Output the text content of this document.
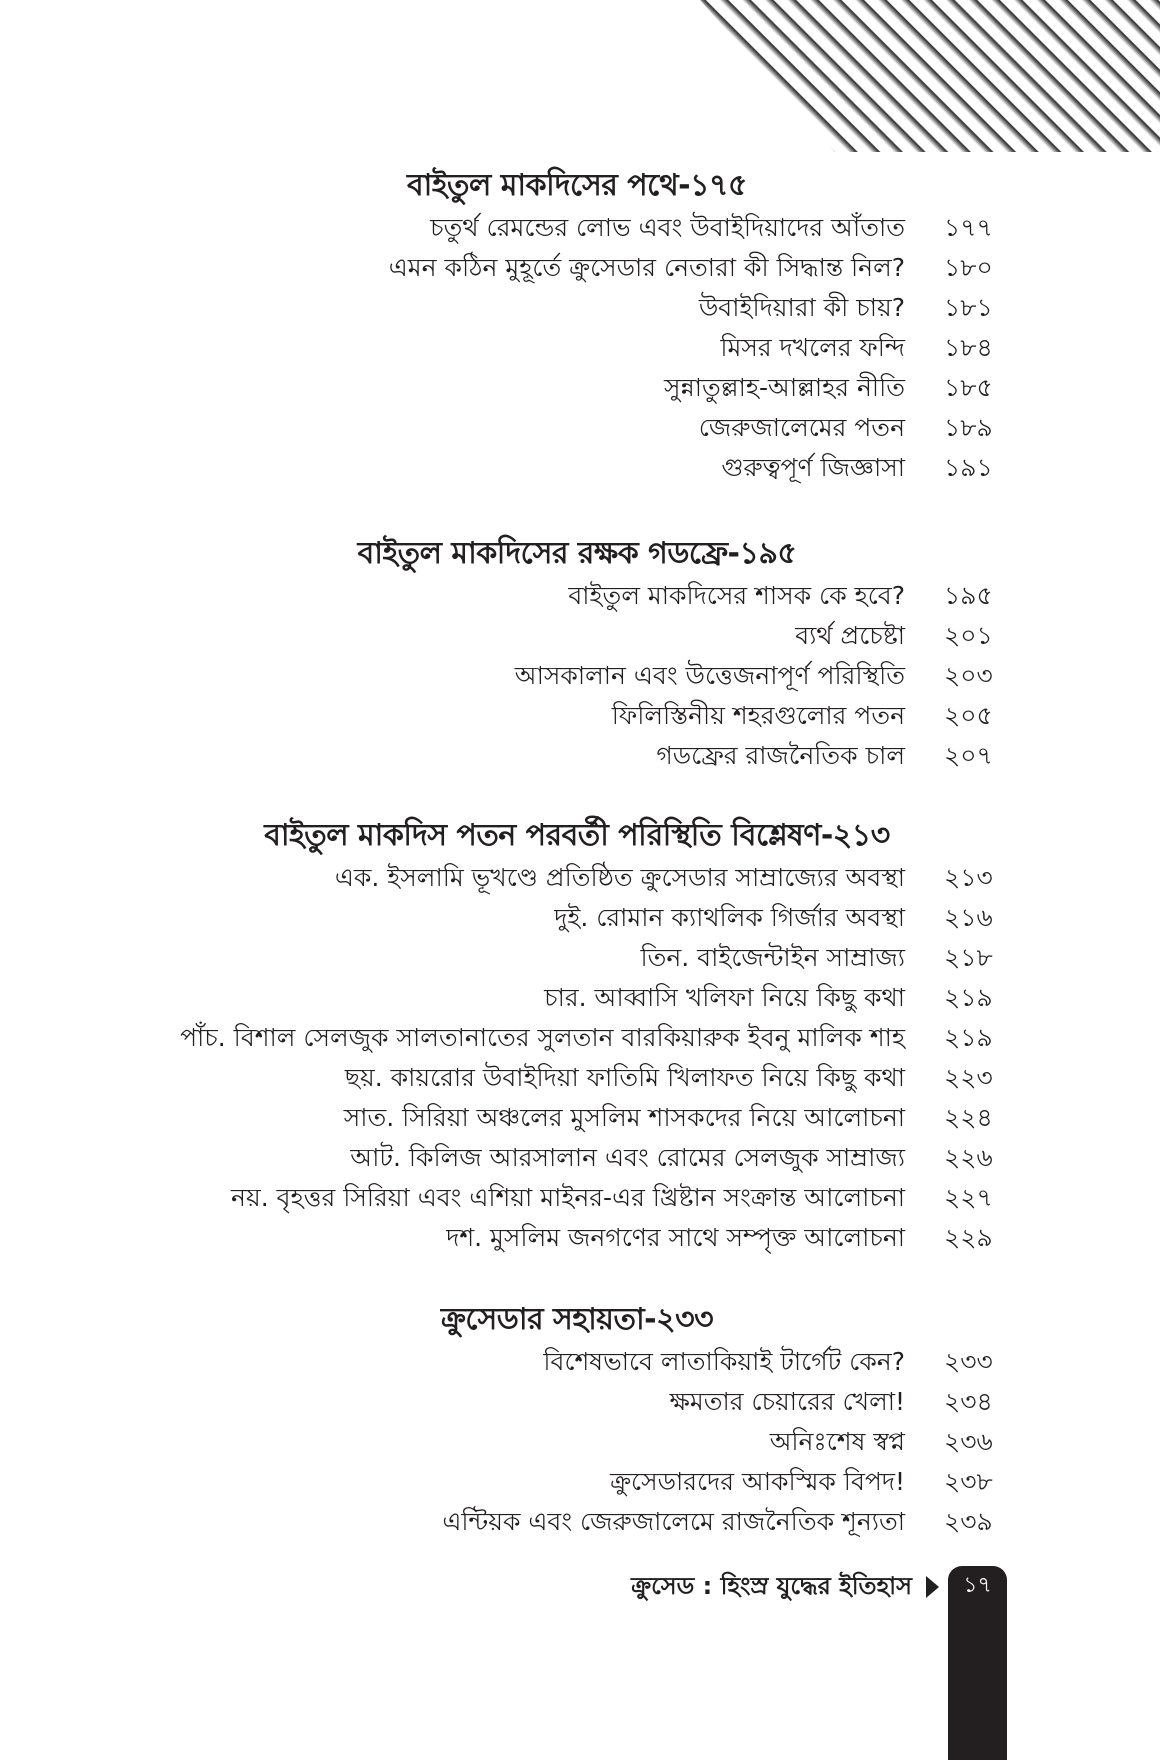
বাইতুল মাকদিসের পথে-১৭৫
চতুর্থ রেমন্ডের লোভ এবং উবাইদিয়াদের আঁতাত ১৭৭
এমন কঠিন মুহূর্তে ক্রুসেডার নেতারা কী সিদ্ধান্ত নিল? ১৮০
উবাইদিয়ারা কী চায়? ১৮১
মিসর দখলের ফন্দি ১৮৪
সুন্নাতুল্লাহ-আল্লাহর নীতি ১৮৫
জেরুজালেমের পতন ১৮৯
গুরুত্বপূর্ণ জিজ্ঞাসা ১৯১
বাইতুল মাকদিসের রক্ষক গডফ্রে-১৯৫
বাইতুল মাকদিসের শাসক কে হবে? ১৯৫
ব্যর্থ প্রচেষ্টা ২০১
আসকালান এবং উত্তেজনাপূর্ণ পরিস্থিতি ২০৩
ফিলিস্তিনীয় শহরগুলোর পতন ২০৫
গডফ্রের রাজনৈতিক চাল ২০৭
বাইতুল মাকদিস পতন পরবর্তী পরিস্থিতি বিশ্লেষণ-২১৩
এক. ইসলামি ভূখণ্ডে প্রতিষ্ঠিত ক্রুসেডার সাম্রাজ্যের অবস্থা ২১৩
দুই. রোমান ক্যাথলিক গির্জার অবস্থা ২১৬
তিন. বাইজেন্টাইন সাম্রাজ্য ২১৮
চার. আব্বাসি খলিফা নিয়ে কিছু কথা ২১৯
পাঁচ. বিশাল সেলজুক সালতানাতের সুলতান বারকিয়ারুক ইবনু মালিক শাহ ২১৯
ছয়. কায়রোর উবাইদিয়া ফাতিমি খিলাফত নিয়ে কিছু কথা ২২৩
সাত. সিরিয়া অঞ্চলের মুসলিম শাসকদের নিয়ে আলোচনা ২২৪
আট. কিলিজ আরসালান এবং রোমের সেলজুক সাম্রাজ্য ২২৬
নয়. বৃহত্তর সিরিয়া এবং এশিয়া মাইনর-এর খ্রিষ্টান সংক্রান্ত আলোচনা ২২৭
দশ. মুসলিম জনগণের সাথে সম্পৃক্ত আলোচনা ২২৯
ক্রুসেডার সহায়তা-২৩৩
বিশেষভাবে লাতাকিয়াই টার্গেট কেন? ২৩৩
ক্ষমতার চেয়ারের খেলা! ২৩৪
অনিঃশেষ স্বপ্ন ২৩৬
ক্রুসেডারদের আকস্মিক বিপদ! ২৩৮
এন্টিয়ক এবং জেরুজালেমে রাজনৈতিক শূন্যতা ২৩৯
ক্রুসেড : হিংস্র যুদ্ধের ইতিহাস	১৭
